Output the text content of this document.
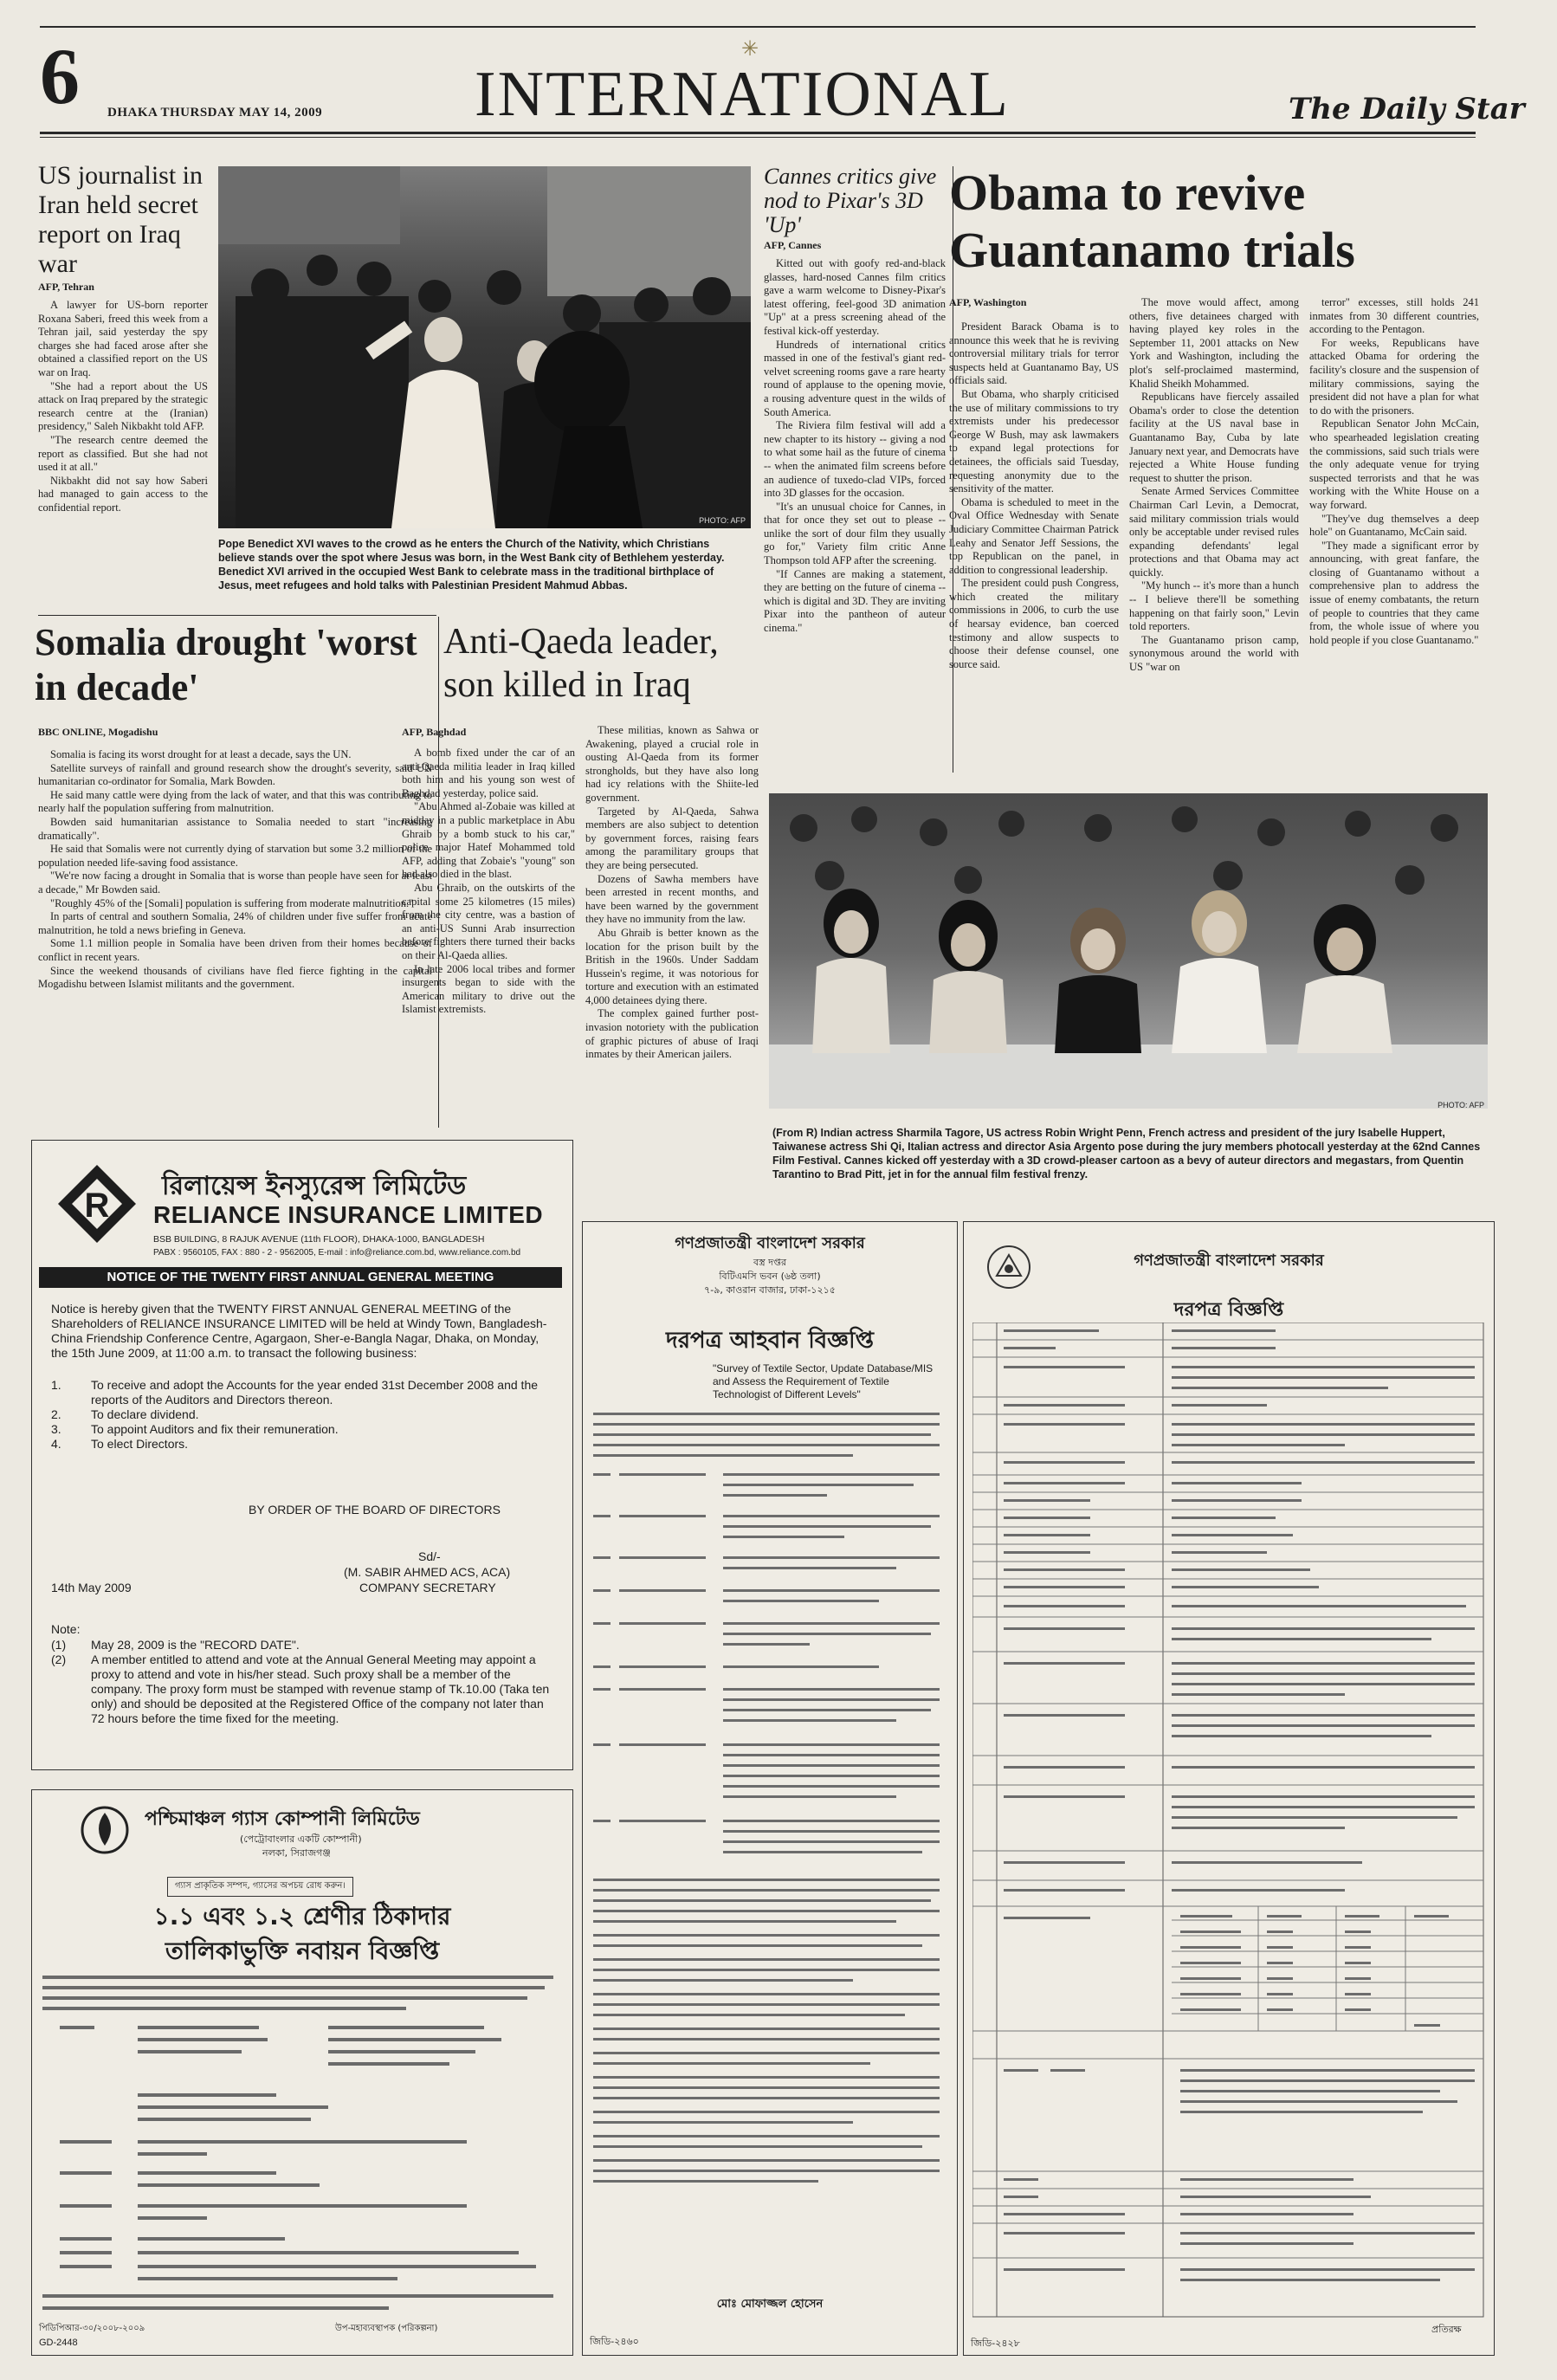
6 DHAKA THURSDAY MAY 14, 2009
✳
INTERNATIONAL	The Daily Star
US journalist in Iran held secret report on Iraq war
AFP, Tehran

A lawyer for US-born reporter Roxana Saberi, freed this week from a Tehran jail, said yesterday the spy charges she had faced arose after she obtained a classified report on the US war on Iraq.

"She had a report about the US attack on Iraq prepared by the strategic research centre at the (Iranian) presidency," Saleh Nikbakht told AFP.

"The research centre deemed the report as classified. But she had not used it at all."

Nikbakht did not say how Saberi had managed to gain access to the confidential report.

PHOTO: AFP
Pope Benedict XVI waves to the crowd as he enters the Church of the Nativity, which Christians believe stands over the spot where Jesus was born, in the West Bank city of Bethlehem yesterday. Benedict XVI arrived in the occupied West Bank to celebrate mass in the traditional birthplace of Jesus, meet refugees and hold talks with Palestinian President Mahmud Abbas.
Cannes critics give nod to Pixar's 3D 'Up'
AFP, Cannes

Kitted out with goofy red-and-black glasses, hard-nosed Cannes film critics gave a warm welcome to Disney-Pixar's latest offering, feel-good 3D animation "Up" at a press screening ahead of the festival kick-off yesterday.

Hundreds of international critics massed in one of the festival's giant red-velvet screening rooms gave a rare hearty round of applause to the opening movie, a rousing adventure quest in the wilds of South America.

The Riviera film festival will add a new chapter to its history -- giving a nod to what some hail as the future of cinema -- when the animated film screens before an audience of tuxedo-clad VIPs, forced into 3D glasses for the occasion.

"It's an unusual choice for Cannes, in that for once they set out to please -- unlike the sort of dour film they usually go for," Variety film critic Anne Thompson told AFP after the screening.

"If Cannes are making a statement, they are betting on the future of cinema -- which is digital and 3D. They are inviting Pixar into the pantheon of auteur cinema."

Obama to revive Guantanamo trials
AFP, Washington

President Barack Obama is to announce this week that he is reviving controversial military trials for terror suspects held at Guantanamo Bay, US officials said.

But Obama, who sharply criticised the use of military commissions to try extremists under his predecessor George W Bush, may ask lawmakers to expand legal protections for detainees, the officials said Tuesday, requesting anonymity due to the sensitivity of the matter.

Obama is scheduled to meet in the Oval Office Wednesday with Senate Judiciary Committee Chairman Patrick Leahy and Senator Jeff Sessions, the top Republican on the panel, in addition to congressional leadership.

The president could push Congress, which created the military commissions in 2006, to curb the use of hearsay evidence, ban coerced testimony and allow suspects to choose their defense counsel, one source said.

The move would affect, among others, five detainees charged with having played key roles in the September 11, 2001 attacks on New York and Washington, including the plot's self-proclaimed mastermind, Khalid Sheikh Mohammed.

Republicans have fiercely assailed Obama's order to close the detention facility at the US naval base in Guantanamo Bay, Cuba by late January next year, and Democrats have rejected a White House funding request to shutter the prison.

Senate Armed Services Committee Chairman Carl Levin, a Democrat, said military commission trials would only be acceptable under revised rules expanding defendants' legal protections and that Obama may act quickly.

"My hunch -- it's more than a hunch -- I believe there'll be something happening on that fairly soon," Levin told reporters.

The Guantanamo prison camp, synonymous around the world with US "war on

terror" excesses, still holds 241 inmates from 30 different countries, according to the Pentagon.

For weeks, Republicans have attacked Obama for ordering the facility's closure and the suspension of military commissions, saying the president did not have a plan for what to do with the prisoners.

Republican Senator John McCain, who spearheaded legislation creating the commissions, said such trials were the only adequate venue for trying suspected terrorists and that he was working with the White House on a way forward.

"They've dug themselves a deep hole" on Guantanamo, McCain said.

"They made a significant error by announcing, with great fanfare, the closing of Guantanamo without a comprehensive plan to address the issue of enemy combatants, the return of people to countries that they came from, the whole issue of where you hold people if you close Guantanamo."

Somalia drought 'worst in decade'
BBC ONLINE, Mogadishu

Somalia is facing its worst drought for at least a decade, says the UN.

Satellite surveys of rainfall and ground research show the drought's severity, said UN humanitarian co-ordinator for Somalia, Mark Bowden.

He said many cattle were dying from the lack of water, and that this was contributing to nearly half the population suffering from malnutrition.

Bowden said humanitarian assistance to Somalia needed to start "increasing dramatically".

He said that Somalis were not currently dying of starvation but some 3.2 million of the population needed life-saving food assistance.

"We're now facing a drought in Somalia that is worse than people have seen for at least a decade," Mr Bowden said.

"Roughly 45% of the [Somali] population is suffering from moderate malnutrition."

In parts of central and southern Somalia, 24% of children under five suffer from acute malnutrition, he told a news briefing in Geneva.

Some 1.1 million people in Somalia have been driven from their homes because of conflict in recent years.

Since the weekend thousands of civilians have fled fierce fighting in the capital Mogadishu between Islamist militants and the government.

Anti-Qaeda leader, son killed in Iraq
AFP, Baghdad

A bomb fixed under the car of an anti-Qaeda militia leader in Iraq killed both him and his young son west of Baghdad yesterday, police said.

"Abu Ahmed al-Zobaie was killed at midday in a public marketplace in Abu Ghraib by a bomb stuck to his car," police major Hatef Mohammed told AFP, adding that Zobaie's "young" son had also died in the blast.

Abu Ghraib, on the outskirts of the capital some 25 kilometres (15 miles) from the city centre, was a bastion of an anti-US Sunni Arab insurrection before fighters there turned their backs on their Al-Qaeda allies.

In late 2006 local tribes and former insurgents began to side with the American military to drive out the Islamist extremists.

These militias, known as Sahwa or Awakening, played a crucial role in ousting Al-Qaeda from its former strongholds, but they have also long had icy relations with the Shiite-led government.

Targeted by Al-Qaeda, Sahwa members are also subject to detention by government forces, raising fears among the paramilitary groups that they are being persecuted.

Dozens of Sawha members have been arrested in recent months, and have been warned by the government they have no immunity from the law.

Abu Ghraib is better known as the location for the prison built by the British in the 1960s. Under Saddam Hussein's regime, it was notorious for torture and execution with an estimated 4,000 detainees dying there.

The complex gained further post-invasion notoriety with the publication of graphic pictures of abuse of Iraqi inmates by their American jailers.

PHOTO: AFP
(From R) Indian actress Sharmila Tagore, US actress Robin Wright Penn, French actress and president of the jury Isabelle Huppert, Taiwanese actress Shi Qi, Italian actress and director Asia Argento pose during the jury members photocall yesterday at the 62nd Cannes Film Festival. Cannes kicked off yesterday with a 3D crowd-pleaser cartoon as a bevy of auteur directors and megastars, from Quentin Tarantino to Brad Pitt, jet in for the annual film festival frenzy.
R
রিলায়েন্স ইনস্যুরেন্স লিমিটেড
RELIANCE INSURANCE LIMITED
BSB BUILDING, 8 RAJUK AVENUE (11th FLOOR), DHAKA-1000, BANGLADESH
PABX : 9560105, FAX : 880 - 2 - 9562005, E-mail : info@reliance.com.bd, www.reliance.com.bd
NOTICE OF THE TWENTY FIRST ANNUAL GENERAL MEETING
Notice is hereby given that the TWENTY FIRST ANNUAL GENERAL MEETING of the Shareholders of RELIANCE INSURANCE LIMITED will be held at Windy Town, Bangladesh-China Friendship Conference Centre, Agargaon, Sher-e-Bangla Nagar, Dhaka, on Monday, the 15th June 2009, at 11:00 a.m. to transact the following business:
1.	To receive and adopt the Accounts for the year ended 31st December 2008 and the reports of the Auditors and Directors thereon.
2.	To declare dividend.
3.	To appoint Auditors and fix their remuneration.
4.	To elect Directors.
BY ORDER OF THE BOARD OF DIRECTORS
Sd/-
(M. SABIR AHMED ACS, ACA)
COMPANY SECRETARY
14th May 2009
Note:
(1)	May 28, 2009 is the "RECORD DATE".
(2)	A member entitled to attend and vote at the Annual General Meeting may appoint a proxy to attend and vote in his/her stead. Such proxy shall be a member of the company. The proxy form must be stamped with revenue stamp of Tk.10.00 (Taka ten only) and should be deposited at the Registered Office of the company not later than 72 hours before the time fixed for the meeting.
পশ্চিমাঞ্চল গ্যাস কোম্পানী লিমিটেড
(পেট্রোবাংলার একটি কোম্পানী)
নলকা, সিরাজগঞ্জ
গ্যাস প্রাকৃতিক সম্পদ, গ্যাসের অপচয় রোধ করুন।
১.১ এবং ১.২ শ্রেণীর ঠিকাদার
তালিকাভুক্তি নবায়ন বিজ্ঞপ্তি
পিডিপিআর-৩০/২০০৮-২০০৯
GD-2448
উপ-মহাব্যবস্থাপক (পরিকল্পনা)
গণপ্রজাতন্ত্রী বাংলাদেশ সরকার
বস্ত্র দপ্তর
বিটিএমসি ভবন (৬ষ্ঠ তলা)
৭-৯, কাওরান বাজার, ঢাকা-১২১৫
দরপত্র আহবান বিজ্ঞপ্তি
"Survey of Textile Sector, Update Database/MIS and Assess the Requirement of Textile Technologist of Different Levels"
মোঃ মোফাজ্জল হোসেন
জিডি-২৪৬০
গণপ্রজাতন্ত্রী বাংলাদেশ সরকার
দরপত্র বিজ্ঞপ্তি
জিডি-২৪২৮
প্রতিরক্ষ
